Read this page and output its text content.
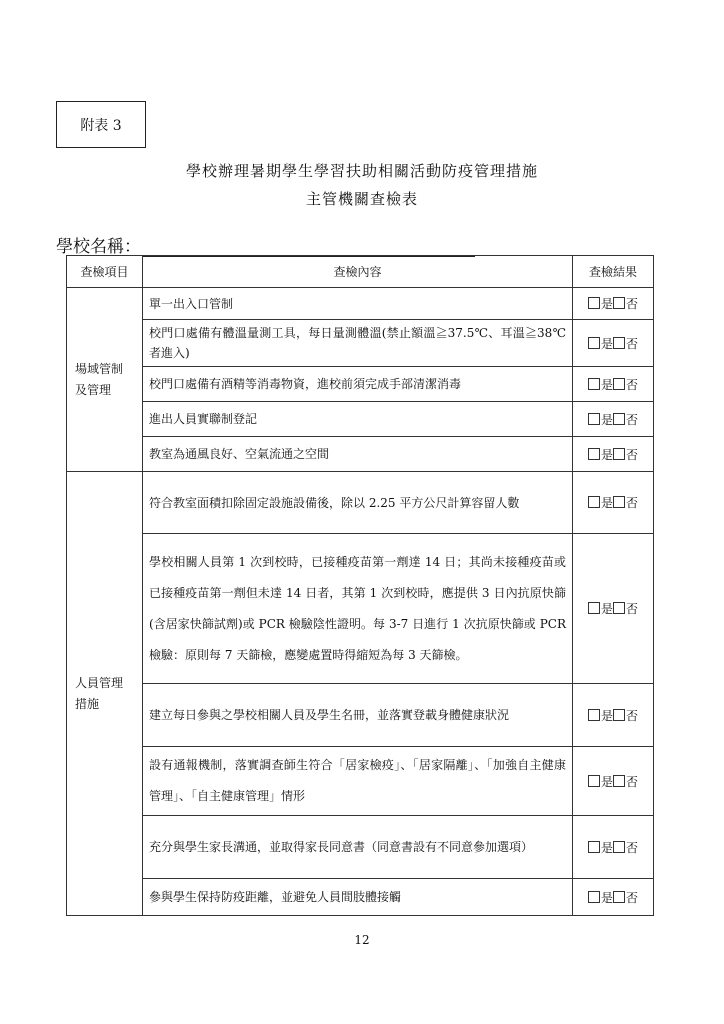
附表 3
學校辦理暑期學生學習扶助相關活動防疫管理措施
主管機關查檢表
學校名稱：
查檢項目	查檢內容	查檢結果
場域管制及管理	單一出入口管制	是 否
	校門口處備有體溫量測工具，每日量測體溫(禁止額溫≧37.5℃、耳溫≧38℃者進入)	是 否
	校門口處備有酒精等消毒物資，進校前須完成手部清潔消毒	是 否
	進出人員實聯制登記	是 否
	教室為通風良好、空氣流通之空間	是 否
人員管理措施	符合教室面積扣除固定設施設備後，除以 2.25 平方公尺計算容留人數	是 否
	學校相關人員第 1 次到校時，已接種疫苗第一劑達 14 日；其尚未接種疫苗或已接種疫苗第一劑但未達 14 日者，其第 1 次到校時，應提供 3 日內抗原快篩(含居家快篩試劑)或 PCR 檢驗陰性證明。每 3-7 日進行 1 次抗原快篩或 PCR 檢驗：原則每 7 天篩檢，應變處置時得縮短為每 3 天篩檢。	是 否
	建立每日參與之學校相關人員及學生名冊，並落實登載身體健康狀況	是 否
	設有通報機制，落實調查師生符合「居家檢疫」、「居家隔離」、「加強自主健康管理」、「自主健康管理」情形	是 否
	充分與學生家長溝通，並取得家長同意書（同意書設有不同意參加選項）	是 否
	參與學生保持防疫距離，並避免人員間肢體接觸	是 否
12
